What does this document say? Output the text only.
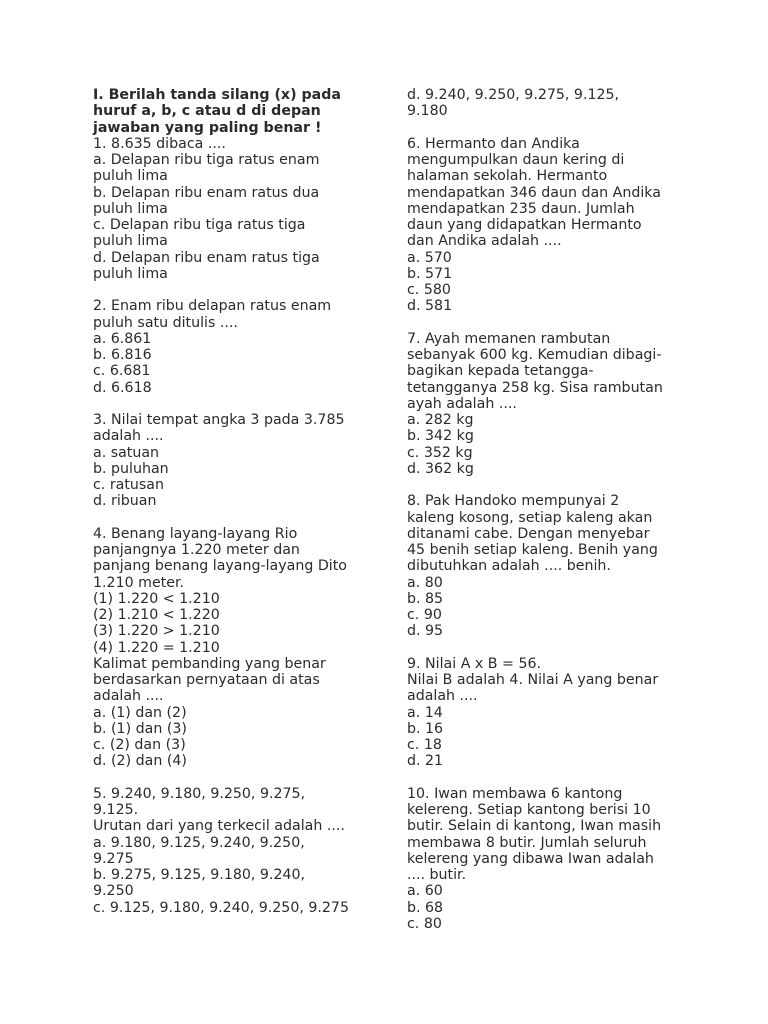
I. Berilah tanda silang (x) pada
huruf a, b, c atau d di depan
jawaban yang paling benar !
1. 8.635 dibaca ....
a. Delapan ribu tiga ratus enam
puluh lima
b. Delapan ribu enam ratus dua
puluh lima
c. Delapan ribu tiga ratus tiga
puluh lima
d. Delapan ribu enam ratus tiga
puluh lima
2. Enam ribu delapan ratus enam
puluh satu ditulis ....
a. 6.861
b. 6.816
c. 6.681
d. 6.618
3. Nilai tempat angka 3 pada 3.785
adalah ....
a. satuan
b. puluhan
c. ratusan
d. ribuan
4. Benang layang-layang Rio
panjangnya 1.220 meter dan
panjang benang layang-layang Dito
1.210 meter.
(1) 1.220 < 1.210
(2) 1.210 < 1.220
(3) 1.220 > 1.210
(4) 1.220 = 1.210
Kalimat pembanding yang benar
berdasarkan pernyataan di atas
adalah ....
a. (1) dan (2)
b. (1) dan (3)
c. (2) dan (3)
d. (2) dan (4)
5. 9.240, 9.180, 9.250, 9.275,
9.125.
Urutan dari yang terkecil adalah ....
a. 9.180, 9.125, 9.240, 9.250,
9.275
b. 9.275, 9.125, 9.180, 9.240,
9.250
c. 9.125, 9.180, 9.240, 9.250, 9.275
d. 9.240, 9.250, 9.275, 9.125,
9.180
6. Hermanto dan Andika
mengumpulkan daun kering di
halaman sekolah. Hermanto
mendapatkan 346 daun dan Andika
mendapatkan 235 daun. Jumlah
daun yang didapatkan Hermanto
dan Andika adalah ....
a. 570
b. 571
c. 580
d. 581
7. Ayah memanen rambutan
sebanyak 600 kg. Kemudian dibagi-
bagikan kepada tetangga-
tetangganya 258 kg. Sisa rambutan
ayah adalah ....
a. 282 kg
b. 342 kg
c. 352 kg
d. 362 kg
8. Pak Handoko mempunyai 2
kaleng kosong, setiap kaleng akan
ditanami cabe. Dengan menyebar
45 benih setiap kaleng. Benih yang
dibutuhkan adalah .... benih.
a. 80
b. 85
c. 90
d. 95
9. Nilai A x B = 56.
Nilai B adalah 4. Nilai A yang benar
adalah ....
a. 14
b. 16
c. 18
d. 21
10. Iwan membawa 6 kantong
kelereng. Setiap kantong berisi 10
butir. Selain di kantong, Iwan masih
membawa 8 butir. Jumlah seluruh
kelereng yang dibawa Iwan adalah
.... butir.
a. 60
b. 68
c. 80
